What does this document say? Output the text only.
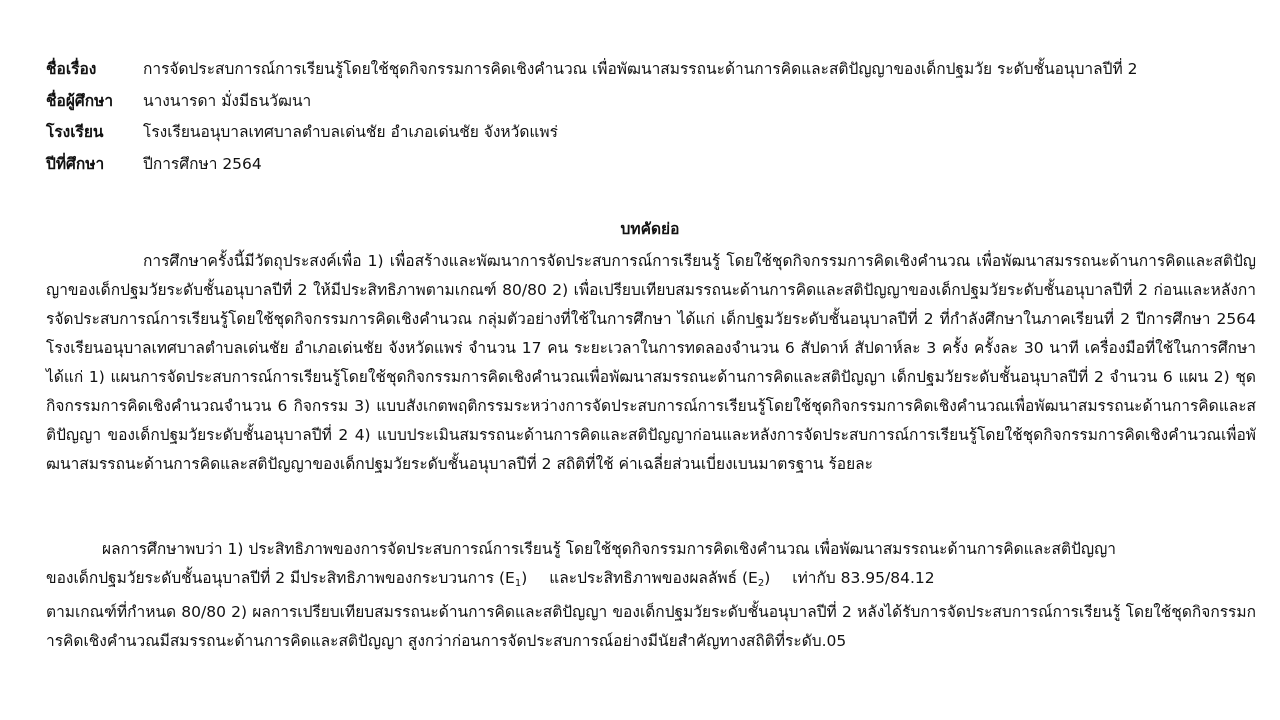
ชื่อเรื่อง	การจัดประสบการณ์การเรียนรู้โดยใช้ชุดกิจกรรมการคิดเชิงคำนวณ เพื่อพัฒนาสมรรถนะด้านการคิดและสติปัญญาของเด็กปฐมวัย ระดับชั้นอนุบาลปีที่ 2
ชื่อผู้ศึกษา นางนารดา มั่งมีธนวัฒนา
โรงเรียน	โรงเรียนอนุบาลเทศบาลตำบลเด่นชัย อำเภอเด่นชัย จังหวัดแพร่
ปีที่ศึกษา	ปีการศึกษา 2564
บทคัดย่อ
การศึกษาครั้งนี้มีวัตถุประสงค์เพื่อ 1) เพื่อสร้างและพัฒนาการจัดประสบการณ์การเรียนรู้ โดยใช้ชุดกิจกรรมการคิดเชิงคำนวณ เพื่อพัฒนาสมรรถนะด้านการคิดและสติปัญญาของเด็กปฐมวัยระดับชั้นอนุบาลปีที่ 2 ให้มีประสิทธิภาพตามเกณฑ์ 80/80 2) เพื่อเปรียบเทียบสมรรถนะด้านการคิดและสติปัญญาของเด็กปฐมวัยระดับชั้นอนุบาลปีที่ 2 ก่อนและหลังการจัดประสบการณ์การเรียนรู้โดยใช้ชุดกิจกรรมการคิดเชิงคำนวณ กลุ่มตัวอย่างที่ใช้ในการศึกษา ได้แก่ เด็กปฐมวัยระดับชั้นอนุบาลปีที่ 2 ที่กำลังศึกษาในภาคเรียนที่ 2 ปีการศึกษา 2564 โรงเรียนอนุบาลเทศบาลตำบลเด่นชัย อำเภอเด่นชัย จังหวัดแพร่ จำนวน 17 คน ระยะเวลาในการทดลองจำนวน 6 สัปดาห์ สัปดาห์ละ 3 ครั้ง ครั้งละ 30 นาที เครื่องมือที่ใช้ในการศึกษา ได้แก่ 1) แผนการจัดประสบการณ์การเรียนรู้โดยใช้ชุดกิจกรรมการคิดเชิงคำนวณเพื่อพัฒนาสมรรถนะด้านการคิดและสติปัญญา เด็กปฐมวัยระดับชั้นอนุบาลปีที่ 2 จำนวน 6 แผน 2) ชุดกิจกรรมการคิดเชิงคำนวณจำนวน 6 กิจกรรม 3) แบบสังเกตพฤติกรรมระหว่างการจัดประสบการณ์การเรียนรู้โดยใช้ชุดกิจกรรมการคิดเชิงคำนวณเพื่อพัฒนาสมรรถนะด้านการคิดและสติปัญญา ของเด็กปฐมวัยระดับชั้นอนุบาลปีที่ 2 4) แบบประเมินสมรรถนะด้านการคิดและสติปัญญาก่อนและหลังการจัดประสบการณ์การเรียนรู้โดยใช้ชุดกิจกรรมการคิดเชิงคำนวณเพื่อพัฒนาสมรรถนะด้านการคิดและสติปัญญาของเด็กปฐมวัยระดับชั้นอนุบาลปีที่ 2 สถิติที่ใช้ ค่าเฉลี่ยส่วนเบี่ยงเบนมาตรฐาน ร้อยละ
ผลการศึกษาพบว่า 1) ประสิทธิภาพของการจัดประสบการณ์การเรียนรู้ โดยใช้ชุดกิจกรรมการคิดเชิงคำนวณ เพื่อพัฒนาสมรรถนะด้านการคิดและสติปัญญา
ของเด็กปฐมวัยระดับชั้นอนุบาลปีที่ 2 มีประสิทธิภาพของกระบวนการ $(E_1)$ และประสิทธิภาพของผลลัพธ์ $(E_2)$ เท่ากับ 83.95/84.12
ตามเกณฑ์ที่กำหนด 80/80 2) ผลการเปรียบเทียบสมรรถนะด้านการคิดและสติปัญญา ของเด็กปฐมวัยระดับชั้นอนุบาลปีที่ 2 หลังได้รับการจัดประสบการณ์การเรียนรู้ โดยใช้ชุดกิจกรรมการคิดเชิงคำนวณมีสมรรถนะด้านการคิดและสติปัญญา สูงกว่าก่อนการจัดประสบการณ์อย่างมีนัยสำคัญทางสถิติที่ระดับ.05
